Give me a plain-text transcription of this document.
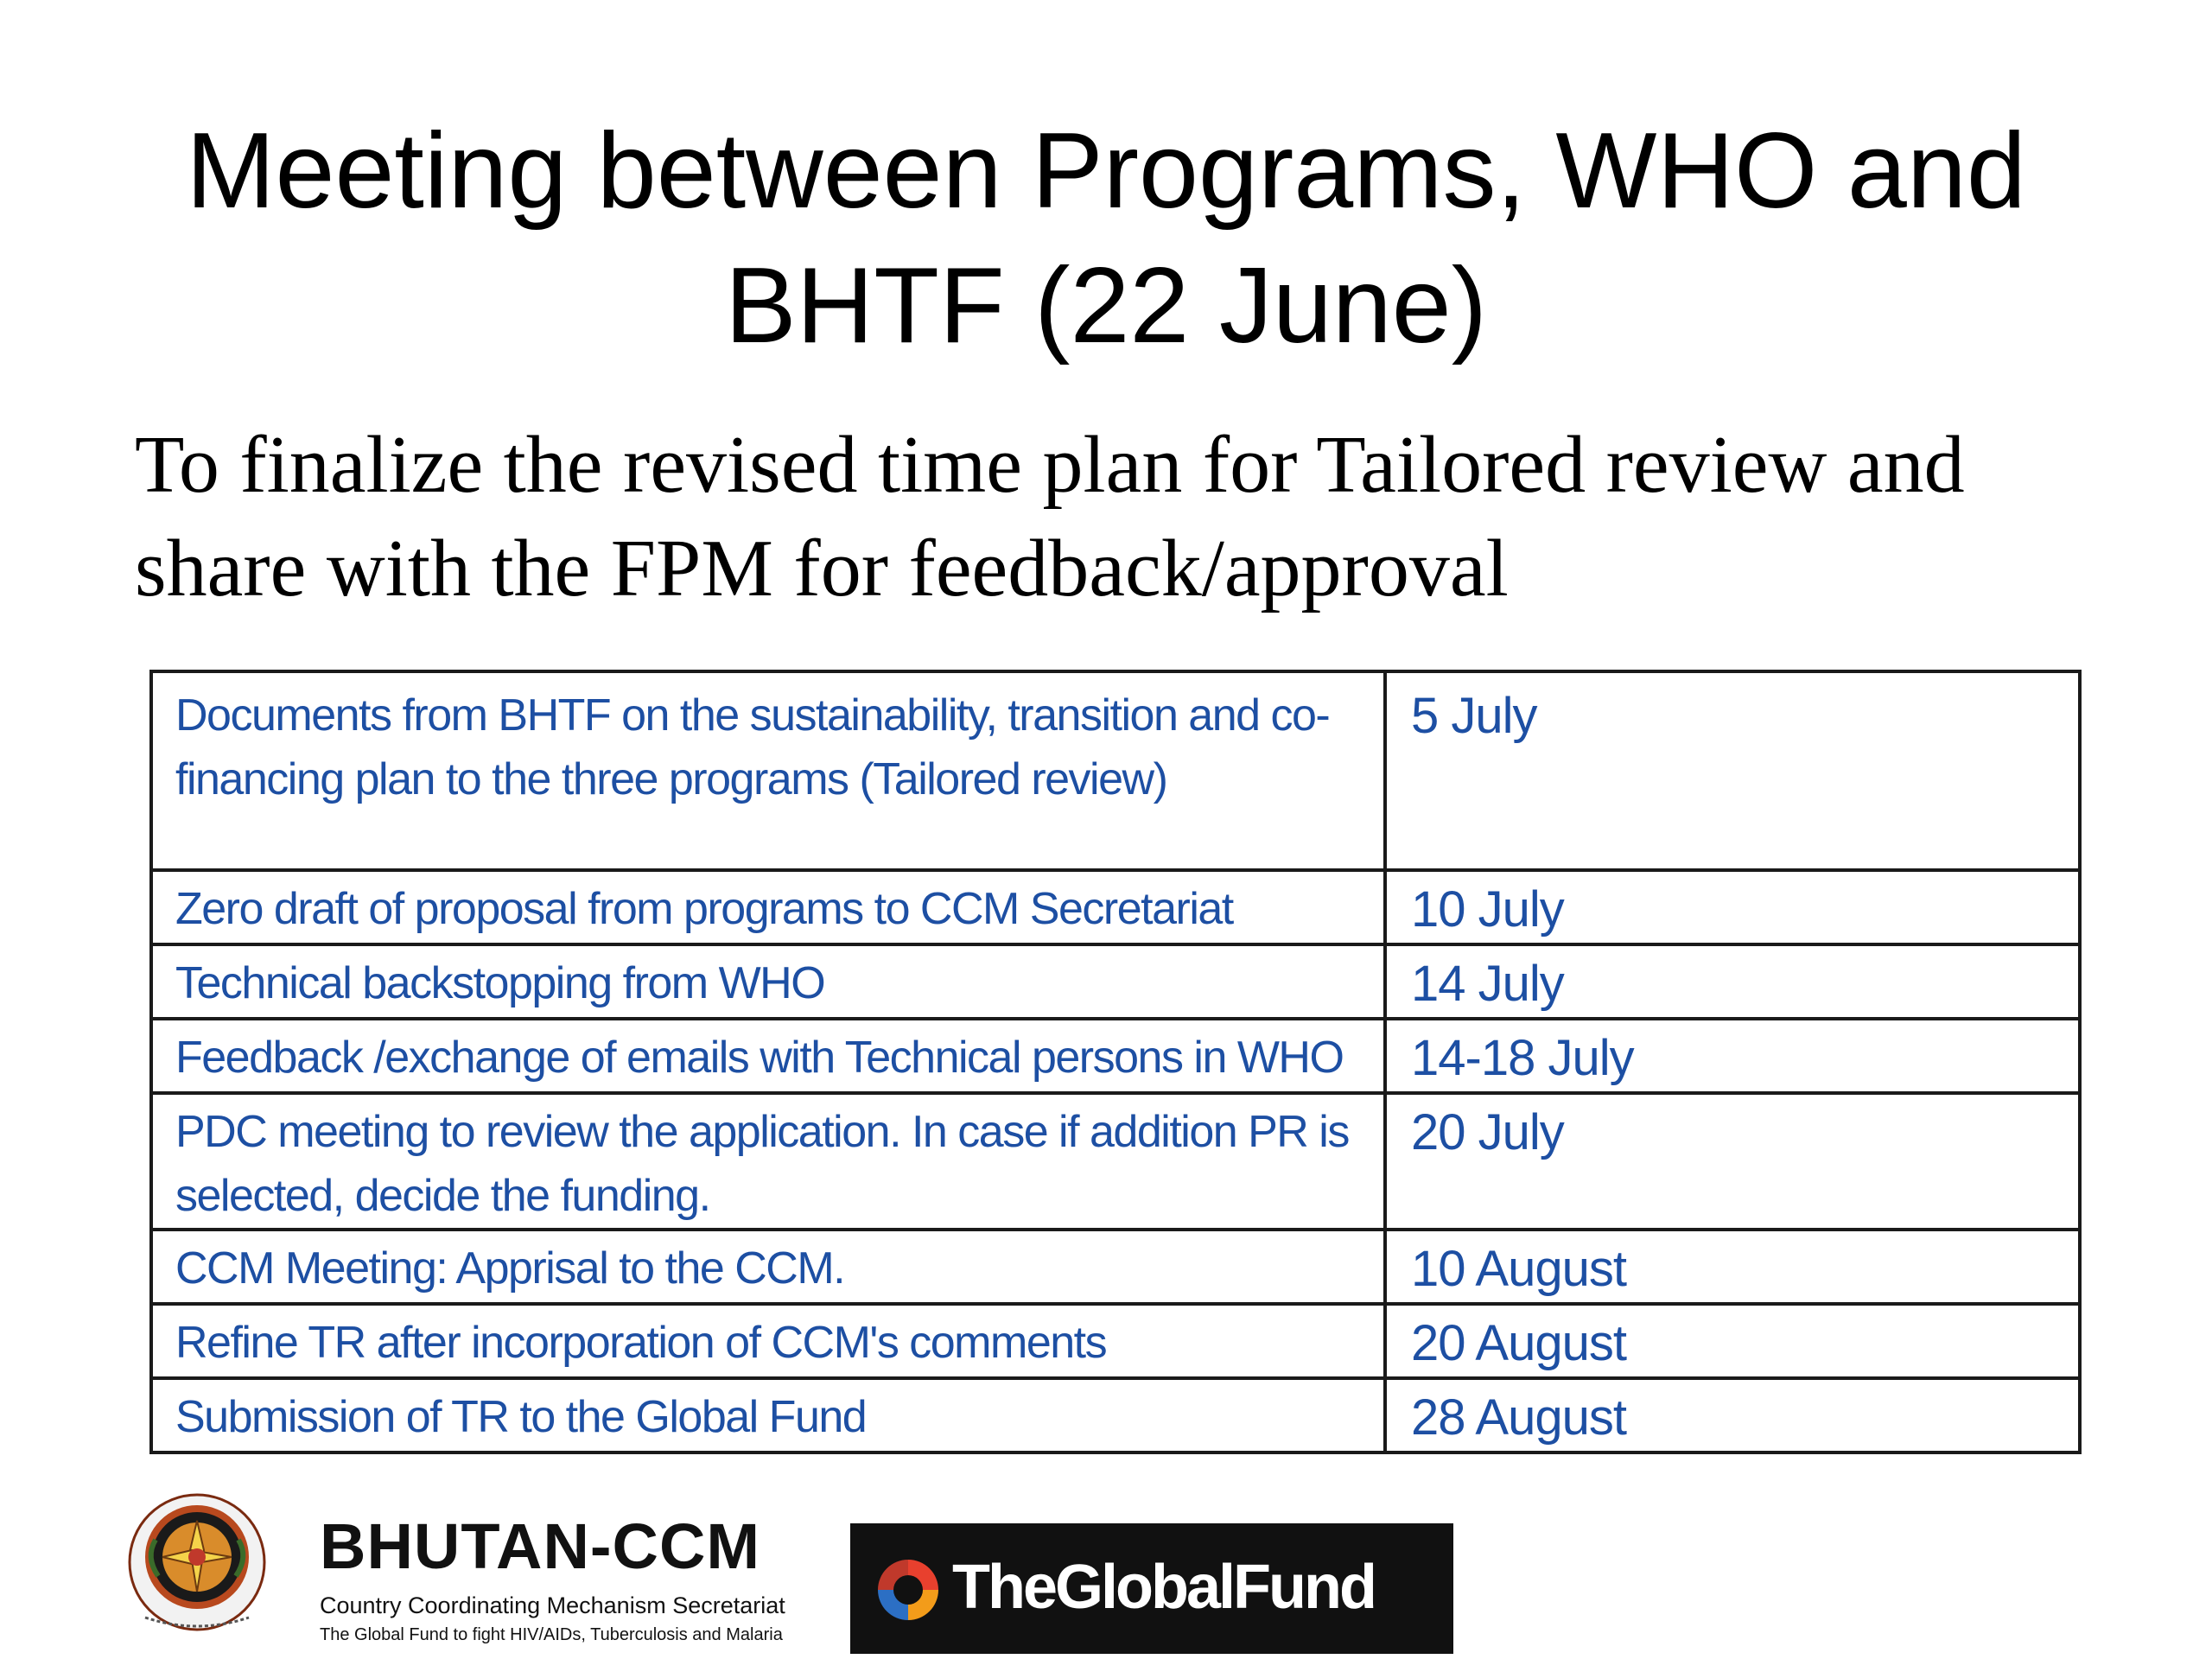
Meeting between Programs, WHO and
BHTF (22 June)
To finalize the revised time plan for Tailored review and
share with the FPM for feedback/approval
Documents from BHTF on the sustainability, transition and co-
financing plan to the three programs (Tailored review)	5 July
Zero draft of proposal from programs to CCM Secretariat	10 July
Technical backstopping from WHO	14 July
Feedback /exchange of emails with Technical persons in WHO	14-18 July

PDC meeting to review the application. In case if addition PR is
selected, decide the funding.	20 July
CCM Meeting: Apprisal to the CCM.	10 August
Refine TR after incorporation of CCM's comments	20 August
Submission of TR to the Global Fund	28 August
BHUTAN-CCM
Country Coordinating Mechanism Secretariat
The Global Fund to fight HIV/AIDs, Tuberculosis and Malaria
TheGlobalFund
